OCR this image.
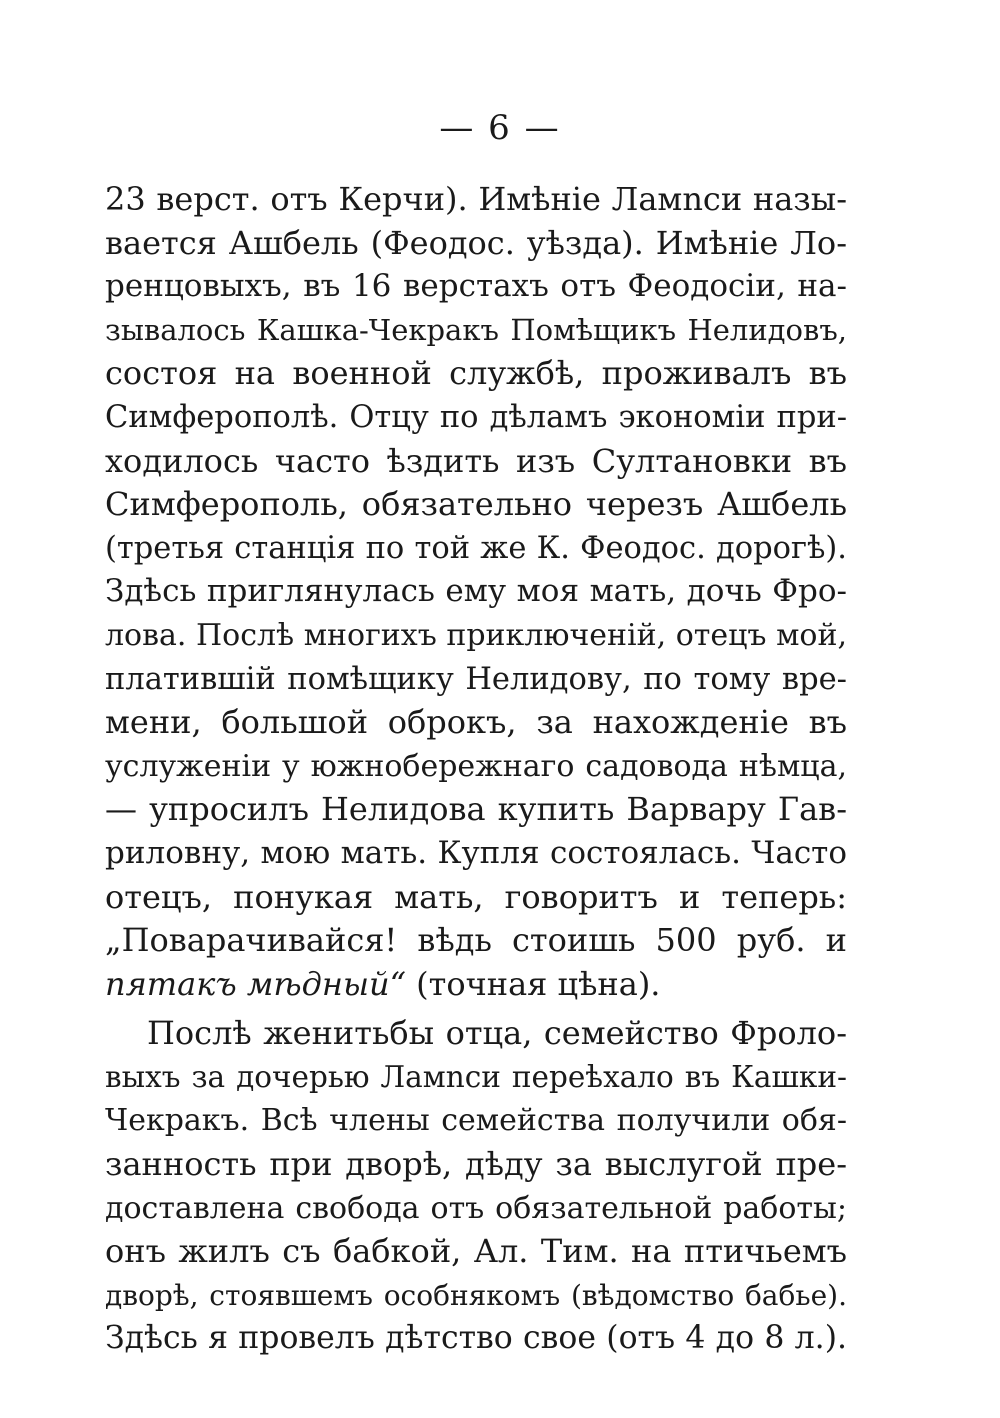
— 6 —
23 верст. отъ Керчи). Имѣніе Ламnси назы-
вается Ашбель (Феодос. уѣзда). Имѣніе Ло-
ренцовыхъ, въ 16 верстахъ отъ Феодосіи, на-
зывалось Кашка-Чекракъ Помѣщикъ Нелидовъ,
состоя на военной службѣ, проживалъ въ
Симферополѣ. Отцу по дѣламъ экономіи при-
ходилось часто ѣздить изъ Султановки въ
Симферополь, обязательно черезъ Ашбель
(третья станція по той же К. Феодос. дорогѣ).
Здѣсь приглянулась ему моя мать, дочь Фро-
лова. Послѣ многихъ приключеній, отецъ мой,
платившій помѣщику Нелидову, по тому вре-
мени, большой оброкъ, за нахожденіе въ
услуженіи у южнобережнаго садовода нѣмца,
— упросилъ Нелидова купить Варвару Гав-
риловну, мою мать. Купля состоялась. Часто
отецъ, понукая мать, говоритъ и теперь:
„Поварачивайся! вѣдь стоишь 500 руб. и
пятакъ мѣдный“ (точная цѣна).
Послѣ женитьбы отца, семейство Фроло-
выхъ за дочерью Ламnси переѣхало въ Кашки-
Чекракъ. Всѣ члены семейства получили обя-
занность при дворѣ, дѣду за выслугой пре-
доставлена свобода отъ обязательной работы;
онъ жилъ съ бабкой, Ал. Тим. на птичьемъ
дворѣ, стоявшемъ особнякомъ (вѣдомство бабье).
Здѣсь я провелъ дѣтство свое (отъ 4 до 8 л.).
